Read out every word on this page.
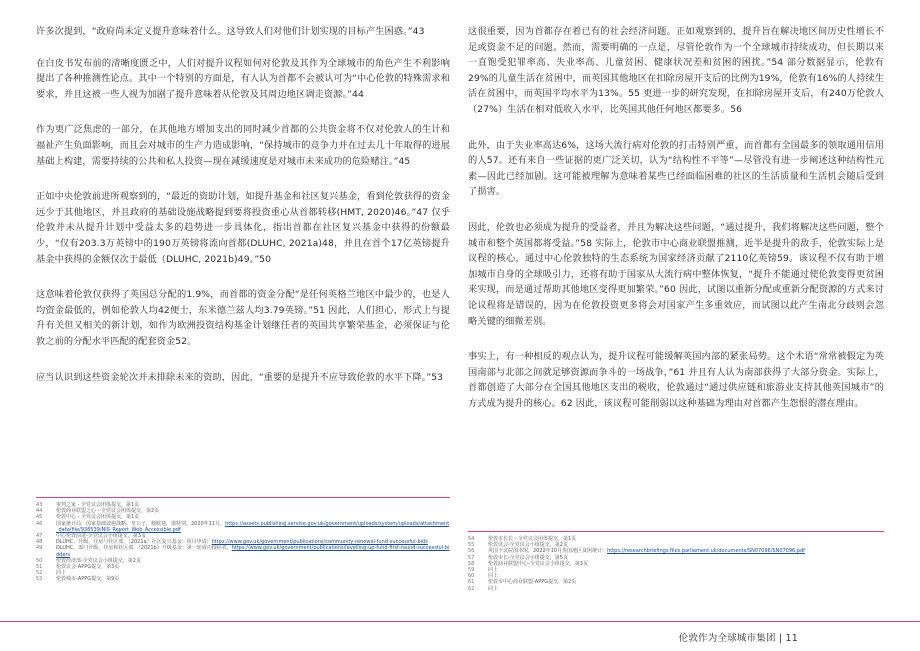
许多次提到，“政府尚未定义提升意味着什么。这导致人们对他们计划实现的目标产生困惑。”43

在白皮书发布前的清晰度匮乏中，人们对提升议程如何对伦敦及其作为全球城市的角色产生不利影响提出了各种推测性论点。其中一个特别的方面是，有人认为首都不会被认可为“中心伦敦的特殊需求和要求，并且这被一些人视为加剧了提升意味着从伦敦及其周边地区调走资源。”44

作为更广泛焦虑的一部分，在其他地方增加支出的同时减少首都的公共资金将不仅对伦敦人的生计和福祉产生负面影响，而且会对城市的生产力造成影响，“保持城市的竞争力并在过去几十年取得的进展基础上构建，需要持续的公共和私人投资—现在减缓速度是对城市未来成功的危险赌注。”45

正如中央伦敦前进所观察到的，“最近的资助计划，如提升基金和社区复兴基金，看到伦敦获得的资金远少于其他地区，并且政府的基础设施战略提到要将投资重心从首都转移(HMT, 2020)46。”47 仅乎伦敦并未从提升计划中受益太多的趋势进一步具体化，指出首都在社区复兴基金中获得的份额最少，“仅有203.3万英镑中的190万英镑将流向首都(DLUHC, 2021a)48，并且在首个17亿英镑提升基金中获得的金额仅次于最低（DLUHC, 2021b)49。”50

这意味着伦敦仅获得了英国总分配的1.9%，而首都的资金分配“是任何英格兰地区中最少的，也是人均资金最低的，例如伦敦人均42便士，东米德兰兹人均3.79英镑。”51 因此，人们担心，形式上与提升有关但又相关的新计划，如作为欧洲投资结构基金计划继任者的英国共享繁荣基金，必须保证与伦敦之前的分配水平匹配的配套资金52。

应当认识到这些资金轮次并未排除未来的资助，因此，“重要的是提升不应导致伦敦的水平下降。”53

43	审判之家 - 全党议会团体提交，第1页
44	伦敦商业联盟之心 - 全党议会团体提交，第2页
45	伦敦中心 - 全党议会团体提交，第1页
46	国家统计局，国家基础设施战略。皇公子，便欧通，诸特别。2020年11月，https://assets.publishing.service.gov.uk/government/uploads/system/uploads/attachment_data/file/938539/NIS_Report_Web_Accessible.pdf
47	中心伦敦前进-全党议会小组提交，第3页
48	DLUHC，升级，住房与社区部，（2021a）社区复兴基金：项目申请：https://www.gov.uk/government/publications/community-renewal-fund-successful-bids
49	DLUHC，部门升级，住房和社区部，（2021b）升级基金：第一轮成功投标者，https://www.gov.uk/government/publications/levelling-up-fund-first-round-successful-bidders
50	伦敦经济部-全党议会小组提交，第2页
51	伦敦议会-APPG提交，第3页
52	同上
53	伦敦城市-APPG提交，第9页

这很重要，因为首都存在着已有的社会经济问题。正如观察到的，提升旨在解决地区间历史性增长不足或资金不足的问题。然而，需要明确的一点是，尽管伦敦作为一个全球城市持续成功，但长期以来一直饱受犯罪率高、失业率高、儿童贫困、健康状况差和贫困的困扰。”54 部分数据显示，伦敦有29%的儿童生活在贫困中，而英国其他地区在扣除房屋开支后的比例为19%，伦敦有16%的人持续生活在贫困中，而英国平均水平为13%。55 更进一步的研究发现，在扣除房屋开支后，有240万伦敦人（27%）生活在相对低收入水平，比英国其他任何地区都要多。56

此外，由于失业率高达6%，这场大流行病对伦敦的打击特别严重，而首都有全国最多的领取通用信用的人57。还有来自一些证据的更广泛关切，认为“结构性不平等”—尽管没有进一步阐述这种结构性元素—因此已经加剧。这可能被理解为意味着某些已经面临困难的社区的生活质量和生活机会随后受到了损害。

因此，伦敦也必须成为提升的受益者，并且为解决这些问题，“通过提升，我们将解决这些问题，整个城市和整个英国都将受益。”58 实际上，伦敦市中心商业联盟推测，近半是提升的敌手，伦敦实际上是议程的核心，通过中心伦敦独特的生态系统为国家经济贡献了2110亿英镑59。该议程不仅有助于增加城市自身的全球吸引力，还将有助于国家从大流行病中整体恢复，“提升不能通过使伦敦变得更贫困来实现，而是通过帮助其他地区变得更加繁荣。”60 因此，试图以重新分配或重新分配资源的方式来讨论议程将是错误的，因为在伦敦投资更多将会对国家产生多重效应，而试图以此产生南北分歧则会忽略关键的细微差别。

事实上，有一种相反的观点认为，提升议程可能缓解英国内部的紧张局势。这个术语“常常被假定为英国南部与北部之间就足够资源而争斗的一场战争，”61 并且有人认为南部获得了大部分资金。实际上，首都创造了大部分在全国其他地区支出的税收，伦敦通过“通过供应链和旅游业支持其他英国城市”的方式成为提升的核心。62 因此，该议程可能削弱以这种基础为理由对首都产生怨恨的潜在理由。

54	伦敦市长长 - 全党议会团体提交，第1页
55	伦敦议会-全党议会小组提交，第2页
56	英国下议院图书馆，2022年10月英国地区贫困统计：https://researchbriefings.files.parliament.uk/documents/SN07096/SN07096.pdf
57	伦敦市长-全党议会小组提交，第5页
58	伦敦商业联盟中心-全党议会小组提交，第3页
59	同上
60	同上
61	伦敦市中心商业联盟-APPG提交，第2页
62	同上
伦敦作为全球城市集团 | 11
